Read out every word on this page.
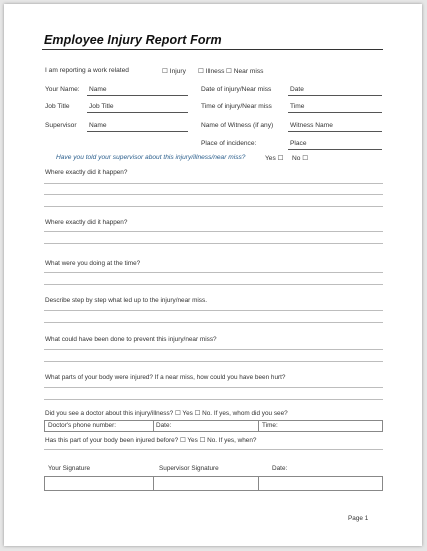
Employee Injury Report Form
I am reporting a work related	☐ Injury ☐ Illness ☐ Near miss
Your Name: Name
Job Title	Job Title
Supervisor Name
Date of injury/Near miss	Date
Time of injury/Near miss	Time
Name of Witness (if any)	Witness Name
Place of incidence:	Place
Have you told your supervisor about this injury/illness/near miss?	Yes ☐ No ☐
Where exactly did it happen?
Where exactly did it happen?
What were you doing at the time?
Describe step by step what led up to the injury/near miss.
What could have been done to prevent this injury/near miss?
What parts of your body were injured? If a near miss, how could you have been hurt?
Did you see a doctor about this injury/illness? ☐ Yes ☐ No. If yes, whom did you see?
Doctor's phone number:	Date:	Time:
Has this part of your body been injured before? ☐ Yes ☐ No. If yes, when?
Your Signature	Supervisor Signature	Date:
Page 1
